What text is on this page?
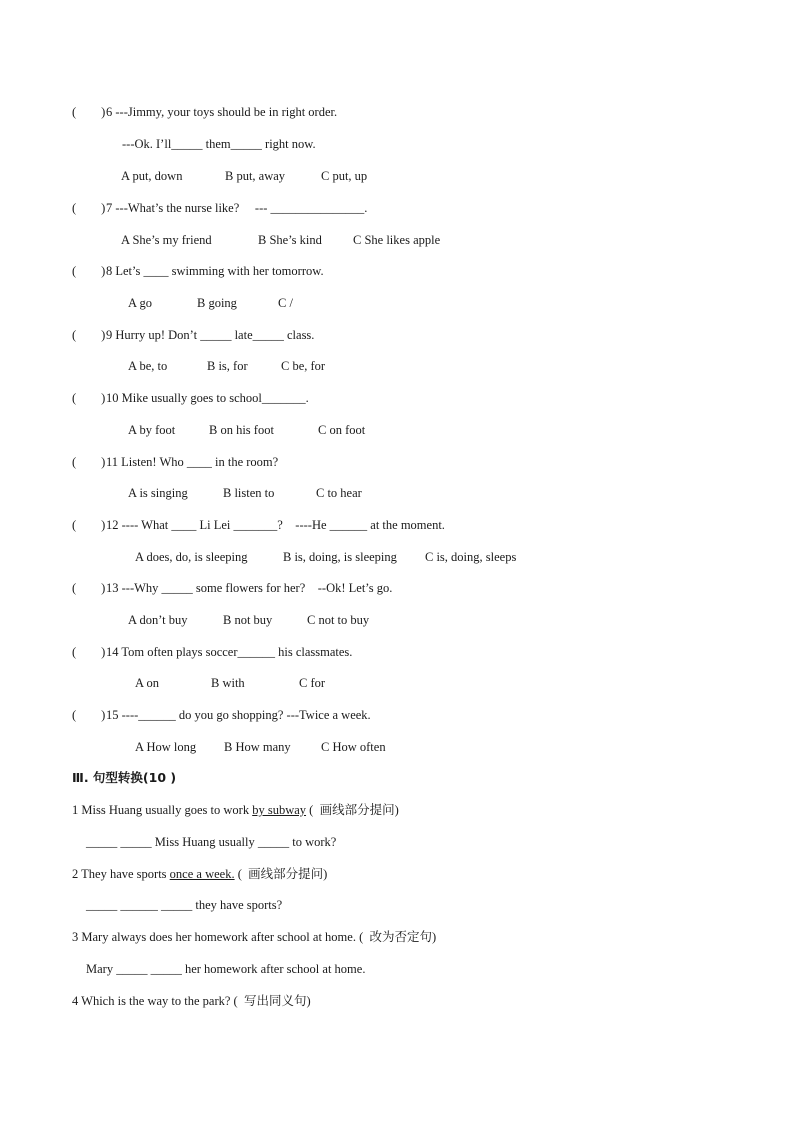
(        ) 6 ---Jimmy, your toys should be in right order.
---Ok. I’ll_____ them_____ right now.
A put, down	B put, away	C put, up
(        ) 7 ---What’s the nurse like?     --- _______________.
A She’s my friend	B She’s kind C She likes apple
(        ) 8 Let’s ____ swimming with her tomorrow.
A go	B going	C /
(        ) 9 Hurry up! Don’t _____ late_____ class.
A be, to	B is, for	C be, for
(        ) 10 Mike usually goes to school_______.
A by foot	B on his foot	C on foot
(        ) 11 Listen! Who ____ in the room?
A is singing	B listen to	C to hear
(        ) 12 ---- What ____ Li Lei _______?    ----He ______ at the moment.
A does, do, is sleeping	B is, doing, is sleeping C is, doing, sleeps
(        ) 13 ---Why _____ some flowers for her?    --Ok! Let’s go.
A don’t buy	B not buy	C not to buy
(        ) 14 Tom often plays soccer______ his classmates.
A on	B with	C for
(        ) 15 ----______ do you go shopping? ---Twice a week.
A How long B How many C How often
Ⅲ. 句型转换(10 )
1 Miss Huang usually goes to work by subway (  画线部分提问)
_____ _____ Miss Huang usually _____ to work?
2 They have sports once a week. (  画线部分提问)
_____ ______ _____ they have sports?
3 Mary always does her homework after school at home. (  改为否定句)
Mary _____ _____ her homework after school at home.
4 Which is the way to the park? (  写出同义句)
